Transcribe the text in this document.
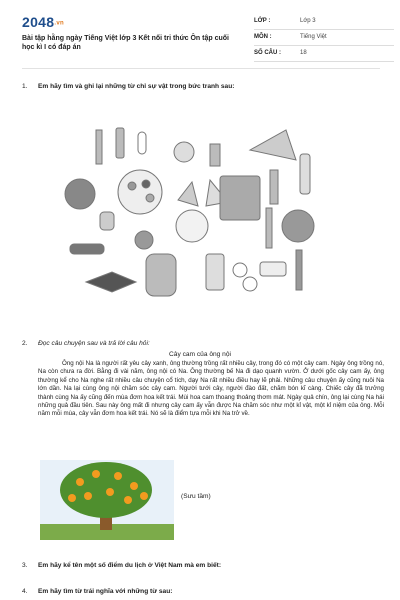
2048.vn
Bài tập hằng ngày Tiếng Việt lớp 3 Kết nối tri thức Ôn tập cuối học kì I có đáp án
LỚP :	Lớp 3
MÔN :	Tiếng Việt
SỐ CÂU :	18
1. Em hãy tìm và ghi lại những từ chỉ sự vật trong bức tranh sau:
2. Đọc câu chuyện sau và trả lời câu hỏi:
Cây cam của ông nội

Ông nội Na là người rất yêu cây xanh, ông thường trồng rất nhiều cây, trong đó có một cây cam. Ngày ông trồng nó, Na còn chưa ra đời. Bằng đi vài năm, ông nội có Na. Ông thường bế Na đi dạo quanh vườn. Ở dưới gốc cây cam ấy, ông thường kể cho Na nghe rất nhiều câu chuyện cổ tích, dạy Na rất nhiều điều hay lẽ phải. Những câu chuyện ấy cũng nuôi Na lớn dần. Na lại cùng ông nội chăm sóc cây cam. Người tưới cây, người đào đất, chăm bón kĩ càng. Chiếc cây đã trưởng thành cùng Na ấy cũng đến mùa đơm hoa kết trái. Mùi hoa cam thoang thoảng thơm mát. Ngày quả chín, ông lại cùng Na hái những quả đầu tiên. Sau này ông mất đi nhưng cây cam ấy vẫn được Na chăm sóc như một kỉ vật, một kỉ niệm của ông. Mỗi năm mỗi mùa, cây vẫn đơm hoa kết trái. Nó sẽ là điểm tựa mỗi khi Na trở về.

(Sưu tầm)
3. Em hãy kể tên một số điểm du lịch ở Việt Nam mà em biết:
4. Em hãy tìm từ trái nghĩa với những từ sau:
